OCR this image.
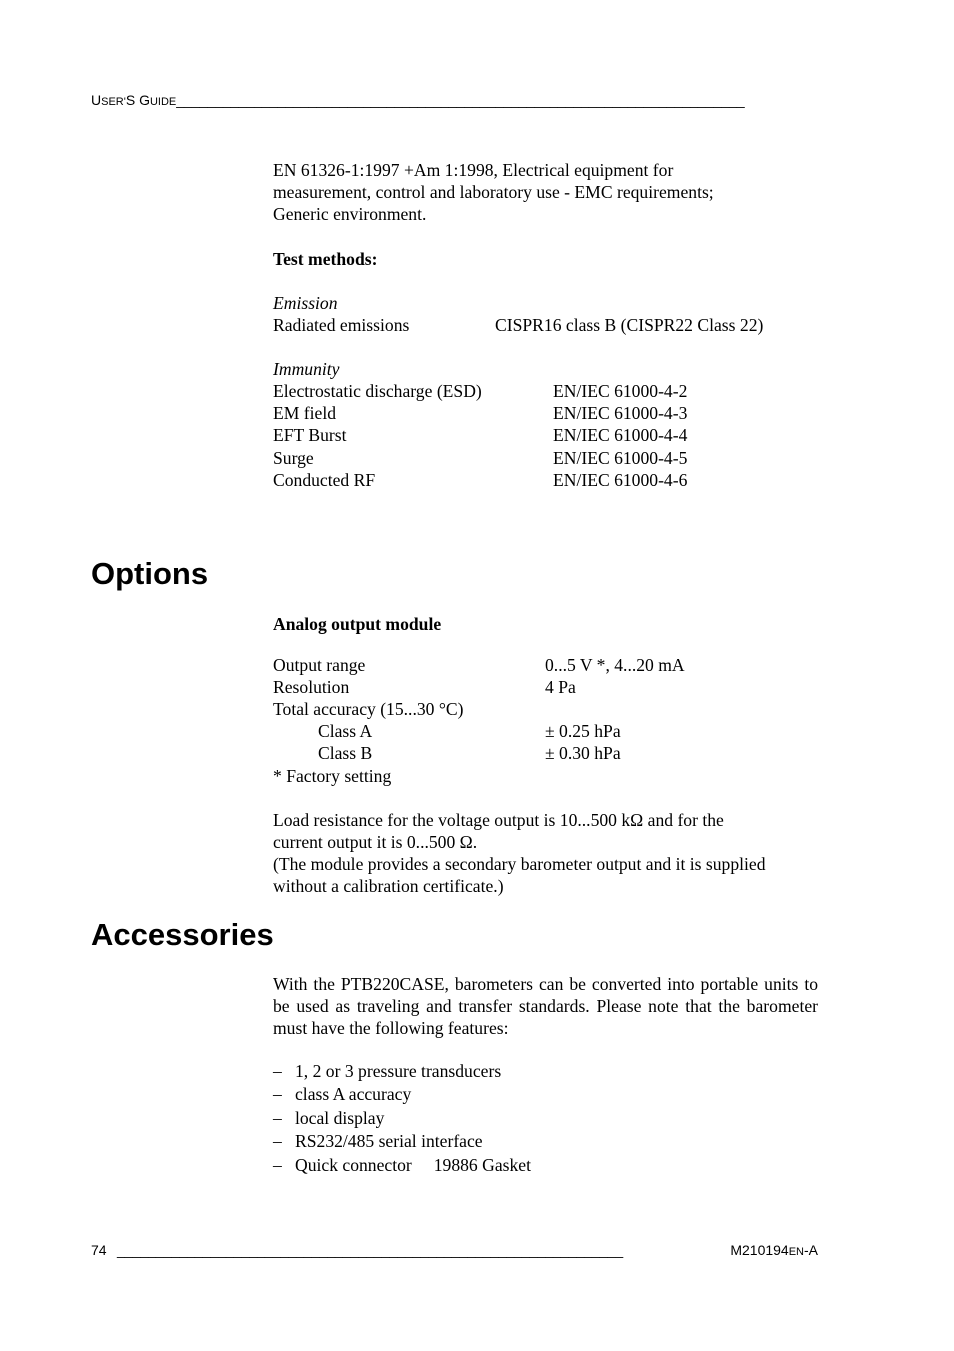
USER'S GUIDE_________________________________________________________________________
EN 61326-1:1997 +Am 1:1998, Electrical equipment for
measurement, control and laboratory use - EMC requirements;
Generic environment.
Test methods:
Emission
Radiated emissions	CISPR16 class B (CISPR22 Class 22)
Immunity
Electrostatic discharge (ESD)	EN/IEC 61000-4-2
EM field	EN/IEC 61000-4-3
EFT Burst	EN/IEC 61000-4-4
Surge	EN/IEC 61000-4-5
Conducted RF	EN/IEC 61000-4-6
Options
Analog output module
Output range	0...5 V *, 4...20 mA
Resolution	4 Pa
Total accuracy (15...30 °C)
Class A	± 0.25 hPa
Class B	± 0.30 hPa
* Factory setting
Load resistance for the voltage output is 10...500 kΩ and for the
current output it is 0...500 Ω.
(The module provides a secondary barometer output and it is supplied
without a calibration certificate.)
Accessories
With the PTB220CASE, barometers can be converted into portable units to be used as traveling and transfer standards. Please note that the barometer must have the following features:
– 1, 2 or 3 pressure transducers
– class A accuracy
– local display
– RS232/485 serial interface
– Quick connector     19886 Gasket
74 _________________________________________________________________	M210194EN-A
